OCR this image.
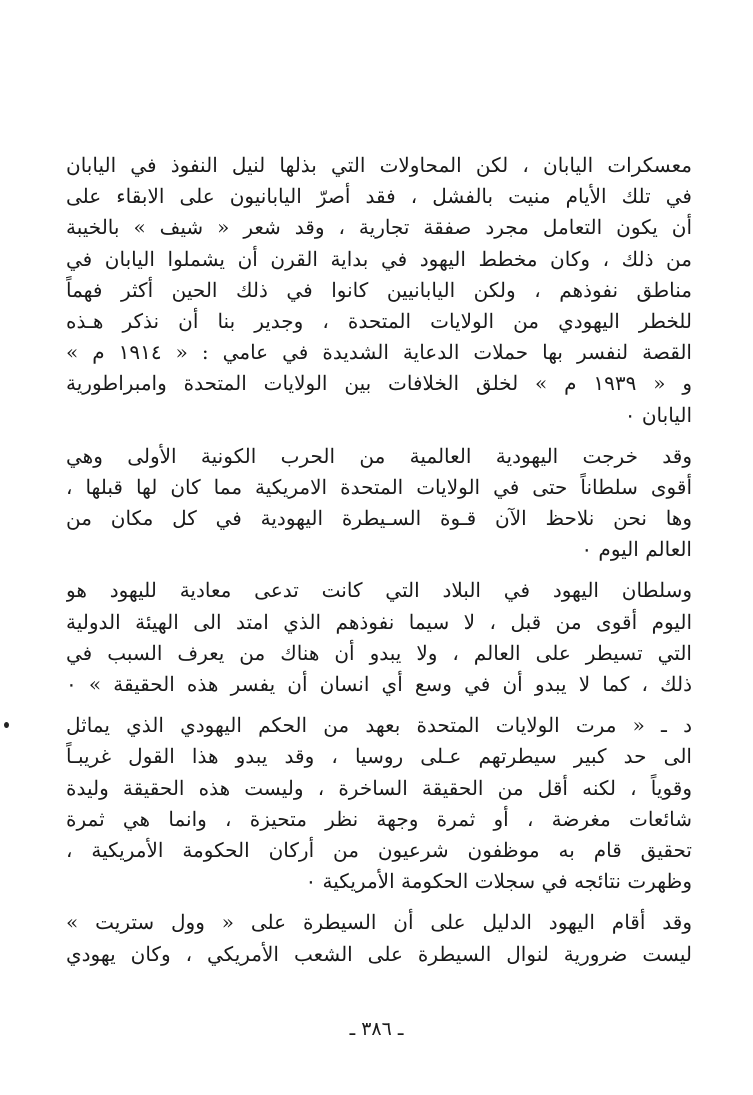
معسكرات اليابان ، لكن المحاولات التي بذلها لنيل النفوذ في اليابان
في تلك الأيام منيت بالفشل ، فقد أصرّ اليابانيون على الابقاء على
أن يكون التعامل مجرد صفقة تجارية ، وقد شعر « شيف » بالخيبة
من ذلك ، وكان مخطط اليهود في بداية القرن أن يشملوا اليابان في
مناطق نفوذهم ، ولكن اليابانيين كانوا في ذلك الحين أكثر فهماً
للخطر اليهودي من الولايات المتحدة ، وجدير بنا أن نذكر هـذه
القصة لنفسر بها حملات الدعاية الشديدة في عامي : « ١٩١٤ م »
و « ١٩٣٩ م » لخلق الخلافات بين الولايات المتحدة وامبراطورية
اليابان ٠
وقد خرجت اليهودية العالمية من الحرب الكونية الأولى وهي
أقوى سلطاناً حتى في الولايات المتحدة الامريكية مما كان لها قبلها ،
وها نحن نلاحظ الآن قـوة السـيطرة اليهودية في كل مكان من
العالم اليوم ٠
وسلطان اليهود في البلاد التي كانت تدعى معادية لليهود هو
اليوم أقوى من قبل ، لا سيما نفوذهم الذي امتد الى الهيئة الدولية
التي تسيطر على العالم ، ولا يبدو أن هناك من يعرف السبب في
ذلك ، كما لا يبدو أن في وسع أي انسان أن يفسر هذه الحقيقة » ٠
د ـ « مرت الولايات المتحدة بعهد من الحكم اليهودي الذي يماثل
الى حد كبير سيطرتهم عـلى روسيا ، وقد يبدو هذا القول غريبـاً
وقوياً ، لكنه أقل من الحقيقة الساخرة ، وليست هذه الحقيقة وليدة
شائعات مغرضة ، أو ثمرة وجهة نظر متحيزة ، وانما هي ثمرة
تحقيق قام به موظفون شرعيون من أركان الحكومة الأمريكية ،
وظهرت نتائجه في سجلات الحكومة الأمريكية ٠
وقد أقام اليهود الدليل على أن السيطرة على « وول ستريت »
ليست ضرورية لنوال السيطرة على الشعب الأمريكي ، وكان يهودي
ـ ٣٨٦ ـ
